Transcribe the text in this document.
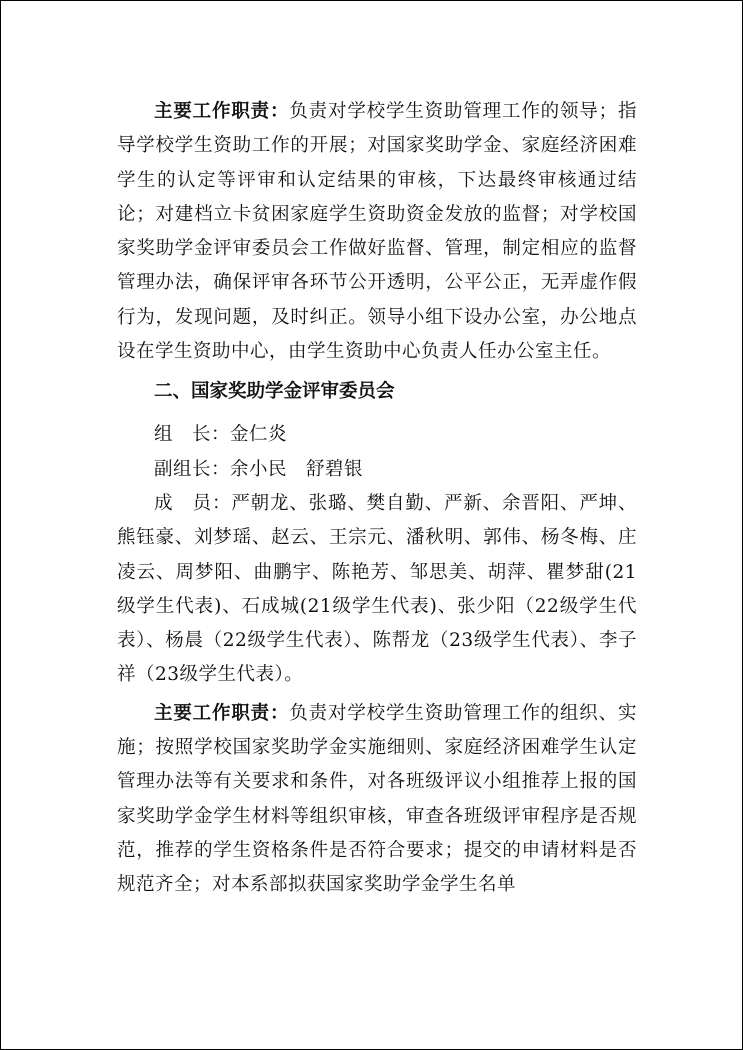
主要工作职责：负责对学校学生资助管理工作的领导；指导学校学生资助工作的开展；对国家奖助学金、家庭经济困难学生的认定等评审和认定结果的审核，下达最终审核通过结论；对建档立卡贫困家庭学生资助资金发放的监督；对学校国家奖助学金评审委员会工作做好监督、管理，制定相应的监督管理办法，确保评审各环节公开透明，公平公正，无弄虚作假行为，发现问题，及时纠正。领导小组下设办公室，办公地点设在学生资助中心，由学生资助中心负责人任办公室主任。

二、国家奖助学金评审委员会

组　长：金仁炎

副组长：余小民　舒碧银

成　员：严朝龙、张璐、樊自勤、严新、余晋阳、严坤、熊钰豪、刘梦瑶、赵云、王宗元、潘秋明、郭伟、杨冬梅、庄凌云、周梦阳、曲鹏宇、陈艳芳、邹思美、胡萍、瞿梦甜(21级学生代表)、石成城(21级学生代表)、张少阳（22级学生代表）、杨晨（22级学生代表）、陈帮龙（23级学生代表）、李子祥（23级学生代表）。

主要工作职责：负责对学校学生资助管理工作的组织、实施；按照学校国家奖助学金实施细则、家庭经济困难学生认定管理办法等有关要求和条件，对各班级评议小组推荐上报的国家奖助学金学生材料等组织审核，审查各班级评审程序是否规范，推荐的学生资格条件是否符合要求；提交的申请材料是否规范齐全；对本系部拟获国家奖助学金学生名单
